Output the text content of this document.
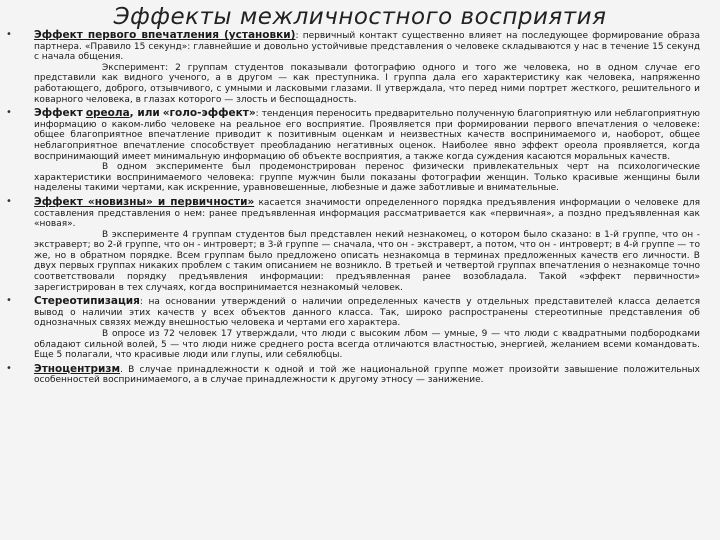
Эффекты межличностного восприятия
• Эффект первого впечатления (установки): первичный контакт существенно влияет на последующее формирование образа партнера. «Правило 15 секунд»: главнейшие и довольно устойчивые представления о человеке складываются у нас в течение 15 секунд с начала общения.

Эксперимент: 2 группам студентов показывали фотографию одного и того же человека, но в одном случае его представили как видного ученого, а в другом — как преступника. I группа дала его характеристику как человека, напряженно работающего, доброго, отзывчивого, с умными и ласковыми глазами. II утверждала, что перед ними портрет жесткого, решительного и коварного человека, в глазах которого — злость и беспощадность.

• Эффект ореола, или «голо-эффект»: тенденция переносить предварительно полученную благоприятную или неблагоприятную информацию о каком-либо человеке на реальное его восприятие. Проявляется при формировании первого впечатления о человеке: общее благоприятное впечатление приводит к позитивным оценкам и неизвестных качеств воспринимаемого и, наоборот, общее неблагоприятное впечатление способствует преобладанию негативных оценок. Наиболее явно эффект ореола проявляется, когда воспринимающий имеет минимальную информацию об объекте восприятия, а также когда суждения касаются моральных качеств.

В одном эксперименте был продемонстрирован перенос физически привлекательных черт на психологические характеристики воспринимаемого человека: группе мужчин были показаны фотографии женщин. Только красивые женщины были наделены такими чертами, как искренние, уравновешенные, любезные и даже заботливые и внимательные.

• Эффект «новизны» и первичности» касается значимости определенного порядка предъявления информации о человеке для составления представления о нем: ранее предъявленная информация рассматривается как «первичная», а поздно предъявленная как «новая».

В эксперименте 4 группам студентов был представлен некий незнакомец, о котором было сказано: в 1-й группе, что он - экстраверт; во 2-й группе, что он - интроверт; в 3-й группе — сначала, что он - экстраверт, а потом, что он - интроверт; в 4-й группе — то же, но в обратном порядке. Всем группам было предложено описать незнакомца в терминах предложенных качеств его личности. В двух первых группах никаких проблем с таким описанием не возникло. В третьей и четвертой группах впечатления о незнакомце точно соответствовали порядку предъявления информации: предъявленная ранее возобладала. Такой «эффект первичности» зарегистрирован в тех случаях, когда воспринимается незнакомый человек.

• Стереотипизация: на основании утверждений о наличии определенных качеств у отдельных представителей класса делается вывод о наличии этих качеств у всех объектов данного класса. Так, широко распространены стереотипные представления об однозначных связях между внешностью человека и чертами его характера.

В опросе из 72 человек 17 утверждали, что люди с высоким лбом — умные, 9 — что люди с квадратными подбородками обладают сильной волей, 5 — что люди ниже среднего роста всегда отличаются властностью, энергией, желанием всеми командовать. Еще 5 полагали, что красивые люди или глупы, или себялюбцы.

• Этноцентризм. В случае принадлежности к одной и той же национальной группе может произойти завышение положительных особенностей воспринимаемого, а в случае принадлежности к другому этносу — занижение.
